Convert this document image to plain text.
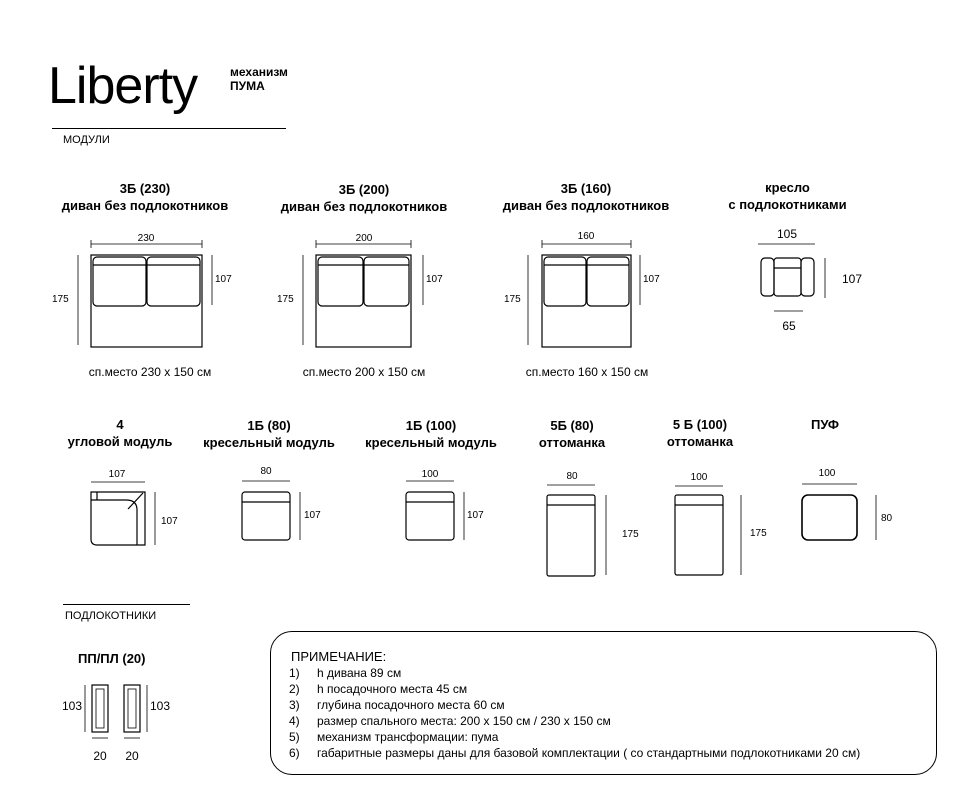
Liberty	механизм
ПУМА
МОДУЛИ
3Б (230)
диван без подлокотников
230
175
107
сп.место 230 х 150 см
3Б (200)
диван без подлокотников
200
175
107
сп.место 200 х 150 см
3Б (160)
диван без подлокотников
160
175
107
сп.место 160 х 150 см
кресло
с подлокотниками
105
107
65
4
угловой модуль
107
107
1Б (80)
кресельный модуль
80
107
1Б (100)
кресельный модуль
100
107
5Б (80)
оттоманка
80
175
5 Б (100)
оттоманка
100
175
ПУФ
100
80
ПОДЛОКОТНИКИ
ПП/ПЛ (20)
103	103
20	20
ПРИМЕЧАНИЕ:
1)	h дивана 89 см
2)	h посадочного места 45 см
3)	глубина посадочного места 60 см
4)	размер спального места: 200 х 150 см / 230 х 150 см
5)	механизм трансформации: пума
6)	габаритные размеры даны для базовой комплектации ( со стандартными подлокотниками 20 см)
